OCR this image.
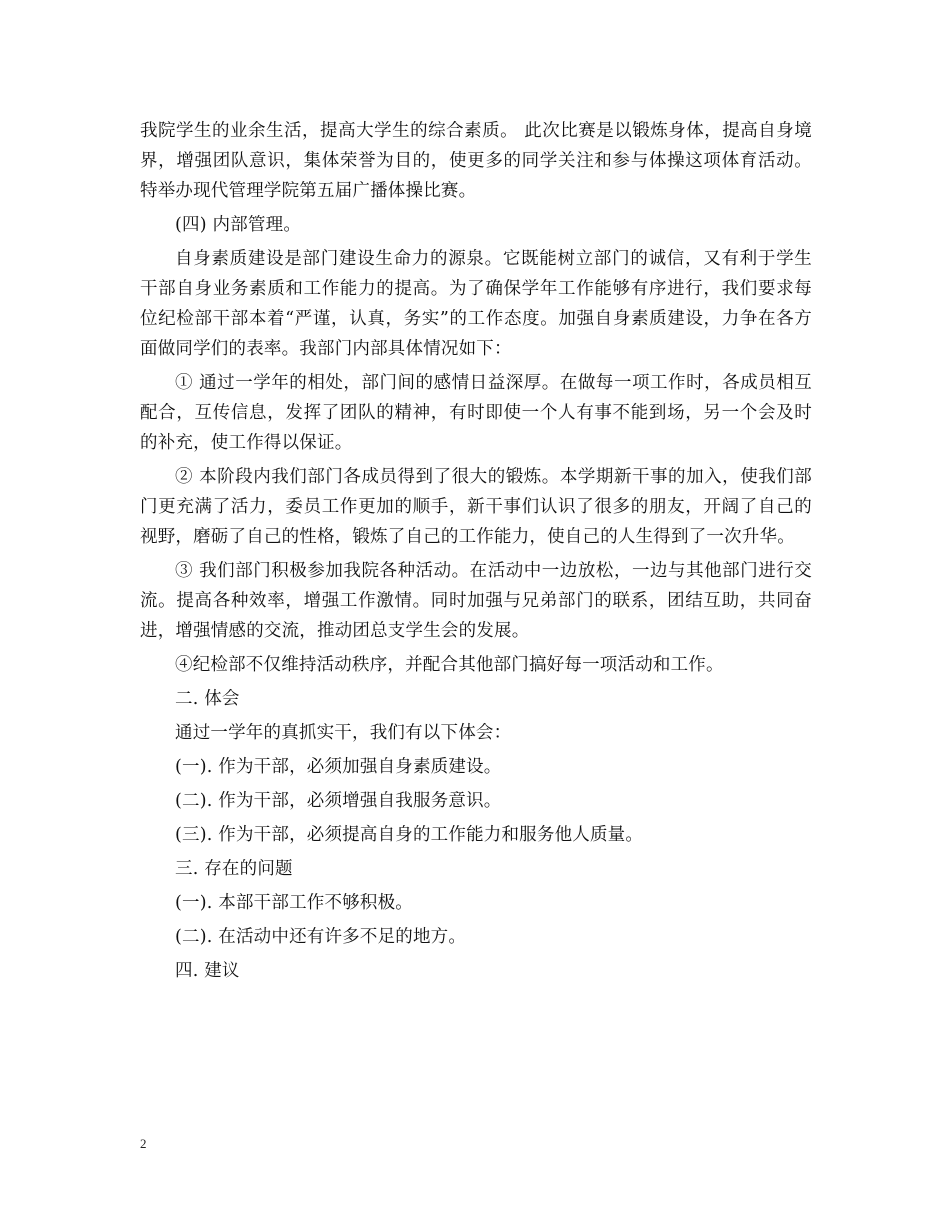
我院学生的业余生活，提高大学生的综合素质。 此次比赛是以锻炼身体，提高自身境界，增强团队意识，集体荣誉为目的，使更多的同学关注和参与体操这项体育活动。特举办现代管理学院第五届广播体操比赛。

(四) 内部管理。

自身素质建设是部门建设生命力的源泉。它既能树立部门的诚信，又有利于学生干部自身业务素质和工作能力的提高。为了确保学年工作能够有序进行，我们要求每位纪检部干部本着“严谨，认真，务实”的工作态度。加强自身素质建设，力争在各方面做同学们的表率。我部门内部具体情况如下：

① 通过一学年的相处，部门间的感情日益深厚。在做每一项工作时，各成员相互配合，互传信息，发挥了团队的精神，有时即使一个人有事不能到场，另一个会及时的补充，使工作得以保证。

② 本阶段内我们部门各成员得到了很大的锻炼。本学期新干事的加入，使我们部门更充满了活力，委员工作更加的顺手，新干事们认识了很多的朋友，开阔了自己的视野，磨砺了自己的性格，锻炼了自己的工作能力，使自己的人生得到了一次升华。

③ 我们部门积极参加我院各种活动。在活动中一边放松，一边与其他部门进行交流。提高各种效率，增强工作激情。同时加强与兄弟部门的联系，团结互助，共同奋进，增强情感的交流，推动团总支学生会的发展。

④纪检部不仅维持活动秩序，并配合其他部门搞好每一项活动和工作。

二. 体会

通过一学年的真抓实干，我们有以下体会：

(一). 作为干部，必须加强自身素质建设。

(二). 作为干部，必须增强自我服务意识。

(三). 作为干部，必须提高自身的工作能力和服务他人质量。

三. 存在的问题

(一). 本部干部工作不够积极。

(二). 在活动中还有许多不足的地方。

四. 建议

2
